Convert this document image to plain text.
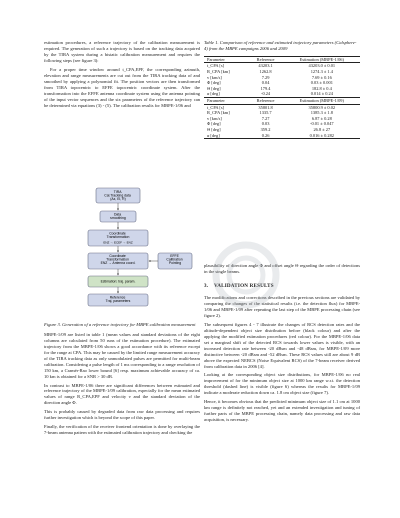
estimation procedures, a reference trajectory of the calibration measurement is required. The generation of such a trajectory is based on the tracking data acquired by the TIRA system during a bistatic calibration measurement and requires the following steps (see figure 3):

For a proper time window around t_CPA,EPF, the corresponding azimuth, elevation and range measurements are cut out from the TIRA tracking data of and smoothed by applying a polynomial fit. The position vectors are then transformed from TIRA topocentric to EFFE topocentric coordinate system. After the transformation into the EFFE antenna coordinate system using the antenna pointing of the input vector sequences and the six parameters of the reference trajectory can be determined via equations (3) - (5). The calibration results for MBPE-1/06 and

TIRA Cal.Tracking data (Az, El, R)
Data smoothing
Coordinate Transformation
ENZ → ECEF → ENZ
Coordinate Transformation ENZ → Antenna coord.
EFFE Calibration Pointing
Estimation: traj. param.
Reference Traj. parameters

Figure 3. Generation of a reference trajectory for MBPE calibration measurement

MBPE-1/09 are listed in table 1 (mean values and standard deviations of the eight columns are calculated from 50 runs of the estimation procedure). The estimated trajectory from the MBPE-1/06 shows a good accordance with its reference except for the range at CPA. This may be caused by the limited range measurement accuracy of the TIRA tracking data as only unmodulated pulses are permitted for multi-beam calibration. Considering a pulse length of 1 ms corresponding to a range resolution of 150 km, a Cramér-Rao lower bound [6] resp. maximum achievable accuracy of ca. 10 km is obtained for a SNR > 30 dB.

In contrast to MBPE-1/06 there are significant differences between estimated and reference trajectory of the MBPE-1/09 calibration, especially for the mean estimated values of range R_CPA,EPF and velocity v and the standard deviation of the direction angle Φ.

This is probably caused by degraded data from raw data processing and requires further investigation which is beyond the scope of this paper.

Finally, the verification of the receiver frontend orientation is done by overlaying the 7-beam antenna pattern with the estimated calibration trajectory and checking the

Table 1. Comparison of reference and estimated trajectory parameters (Calsphere-4) from the MBPE campaigns 2006 and 2009

Parameter	Reference	Estimation (MBPE-1/06)
t_CPA [s]	43203.1	43203.0 ± 0.01
R_CPA [km]	1262.8	1274.3 ± 1.4
v [km/s]	7.29	7.69 ± 0.16
Φ [deg]	0.04	0.03 ± 0.001
Θ [deg]	179.4	182.8 ± 0.4
α [deg]	-0.24	0.014 ± 0.24
Parameter	Reference	Estimation (MBPE-1/09)
t_CPA [s]	35801.8	35800.9 ± 0.02
R_CPA [km]	1335.7	1385.3 ± 1.8
v [km/s]	7.27	6.87 ± 0.28
Φ [deg]	0.03	-0.01 ± 0.047
Θ [deg]	359.2	26.8 ± 27
α [deg]	0.26	0.016 ± 0.282

plausibility of direction angle Φ and offset angle Θ regarding the order of detections in the single beams.

3. VALIDATION RESULTS

The modifications and corrections described in the previous sections are validated by comparing the changes of the statistical results (i.e. the detection flux) for MBPE-1/06 and MBPE-1/09 after repeating the last step of the MBPE processing chain (see figure 2).

The subsequent figures 4 - 7 illustrate the changes of RCS detection rates and the altitude-dependent object size distribution before (black colour) and after the applying the modified estimation procedures (red colour). For the MBPE-1/06 data set a marginal shift of the detected RCS towards lower values is visible, with an increased detection rate between -20 dBsm and -48 dBsm, for MBPE-1/09 more distinctive between -20 dBsm and -52 dBsm. These RCS values still are about 9 dB above the expected NEBCS (Noise Equivalent RCS) of the 7-beam receiver derived from calibration data in 2006 [4].

Looking at the corresponding object size distributions, for MBPE-1/06 no real improvement of for the minimum object size at 1000 km range w.r.t. the detection threshold (dashed line) is visible (figure 6) whereas the results for MBPE-1/09 indicate a moderate reduction down ca. 1.8 cm object size (figure 7).

Hence, it becomes obvious that the predicted minimum object size of 1.1 cm at 1000 km range is definitely not reached, yet and an extended investigation and tuning of further parts of the MBPE processing chain, namely data processing and raw data acquisition, is necessary.
